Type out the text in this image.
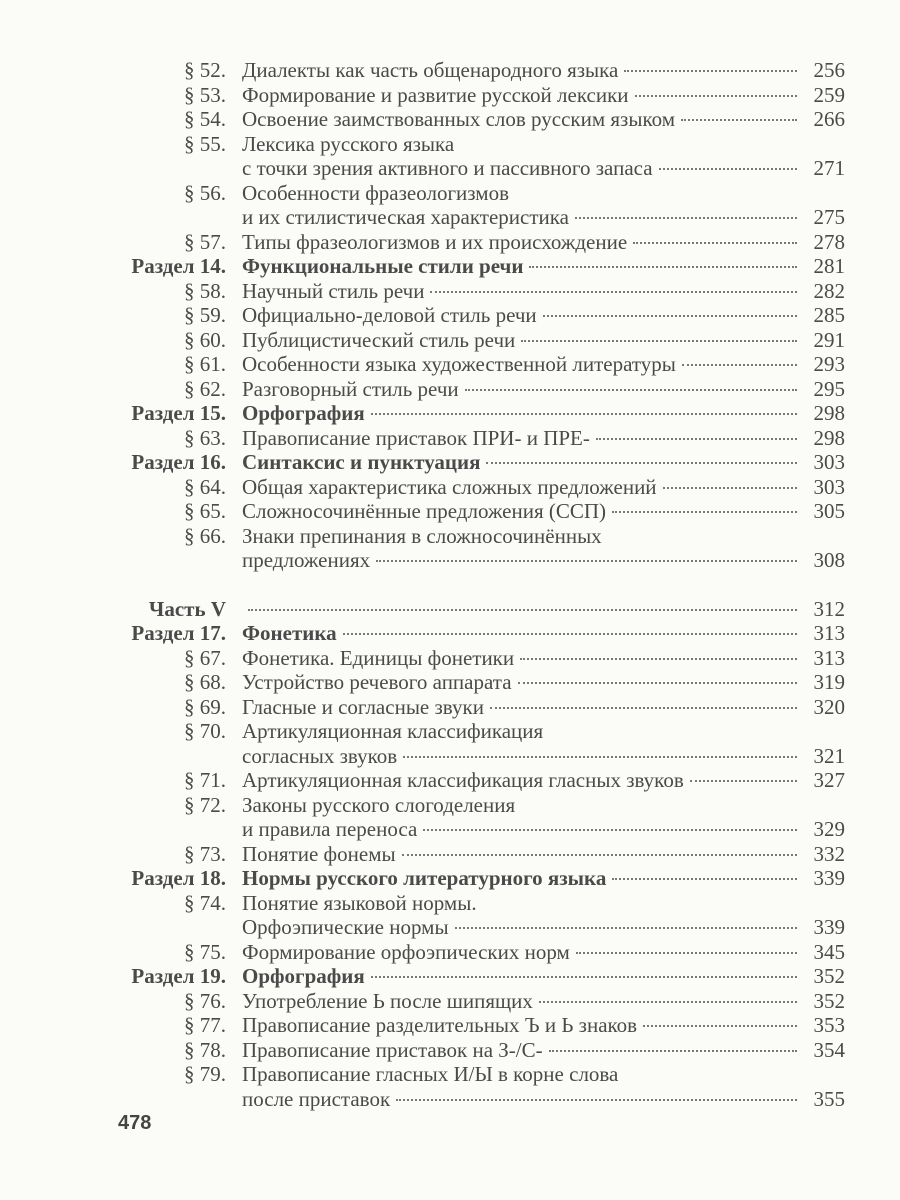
§ 52. Диалекты как часть общенародного языка	256
§ 53. Формирование и развитие русской лексики	259
§ 54. Освоение заимствованных слов русским языком	266
§ 55. Лексика русского языка
с точки зрения активного и пассивного запаса	271
§ 56. Особенности фразеологизмов
и их стилистическая характеристика	275
§ 57. Типы фразеологизмов и их происхождение	278
Раздел 14. Функциональные стили речи	281
§ 58. Научный стиль речи	282
§ 59. Официально-деловой стиль речи	285
§ 60. Публицистический стиль речи	291
§ 61. Особенности языка художественной литературы	293
§ 62. Разговорный стиль речи	295
Раздел 15. Орфография	298
§ 63. Правописание приставок ПРИ- и ПРЕ-	298
Раздел 16. Синтаксис и пунктуация	303
§ 64. Общая характеристика сложных предложений	303
§ 65. Сложносочинённые предложения (ССП)	305
§ 66. Знаки препинания в сложносочинённых
предложениях	308
Часть V	312
Раздел 17. Фонетика	313
§ 67. Фонетика. Единицы фонетики	313
§ 68. Устройство речевого аппарата	319
§ 69. Гласные и согласные звуки	320
§ 70. Артикуляционная классификация
согласных звуков	321
§ 71. Артикуляционная классификация гласных звуков	327
§ 72. Законы русского слогоделения
и правила переноса	329
§ 73. Понятие фонемы	332
Раздел 18. Нормы русского литературного языка	339
§ 74. Понятие языковой нормы.
Орфоэпические нормы	339
§ 75. Формирование орфоэпических норм	345
Раздел 19. Орфография	352
§ 76. Употребление Ь после шипящих	352
§ 77. Правописание разделительных Ъ и Ь знаков	353
§ 78. Правописание приставок на З-/С-	354
§ 79. Правописание гласных И/Ы в корне слова
после приставок	355
478
